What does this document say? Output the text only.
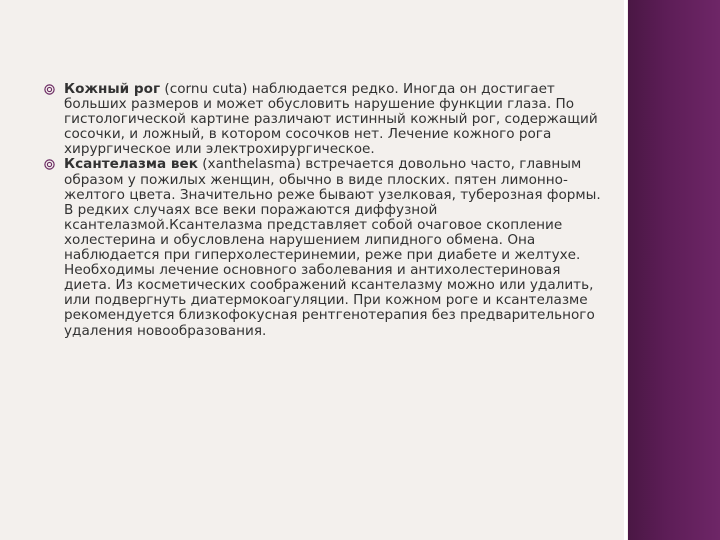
Кожный рог (cornu cuta) наблюдается редко. Иногда он достигает больших размеров и может обусловить нарушение функции глаза. По гистологической картине различают истинный кожный рог, содержащий сосочки, и ложный, в котором сосочков нет. Лечение кожного рога хирургическое или электрохирургическое.

Ксантелазма век (xanthelasma) встречается довольно часто, главным образом у пожилых женщин, обычно в виде плоских. пятен лимонно-желтого цвета. Значительно реже бывают узелковая, туберозная формы. В редких случаях все веки поражаются диффузной ксантелазмой.Ксантелазма представляет собой очаговое скопление холестерина и обусловлена нарушением липидного обмена. Она наблюдается при гиперхолестеринемии, реже при диабете и желтухе. Необходимы лечение основного заболевания и антихолестериновая диета. Из косметических соображений ксантелазму можно или удалить, или подвергнуть диатермокоагуляции. При кожном роге и ксантелазме рекомендуется близкофокусная рентгенотерапия без предварительного удаления новообразования.
